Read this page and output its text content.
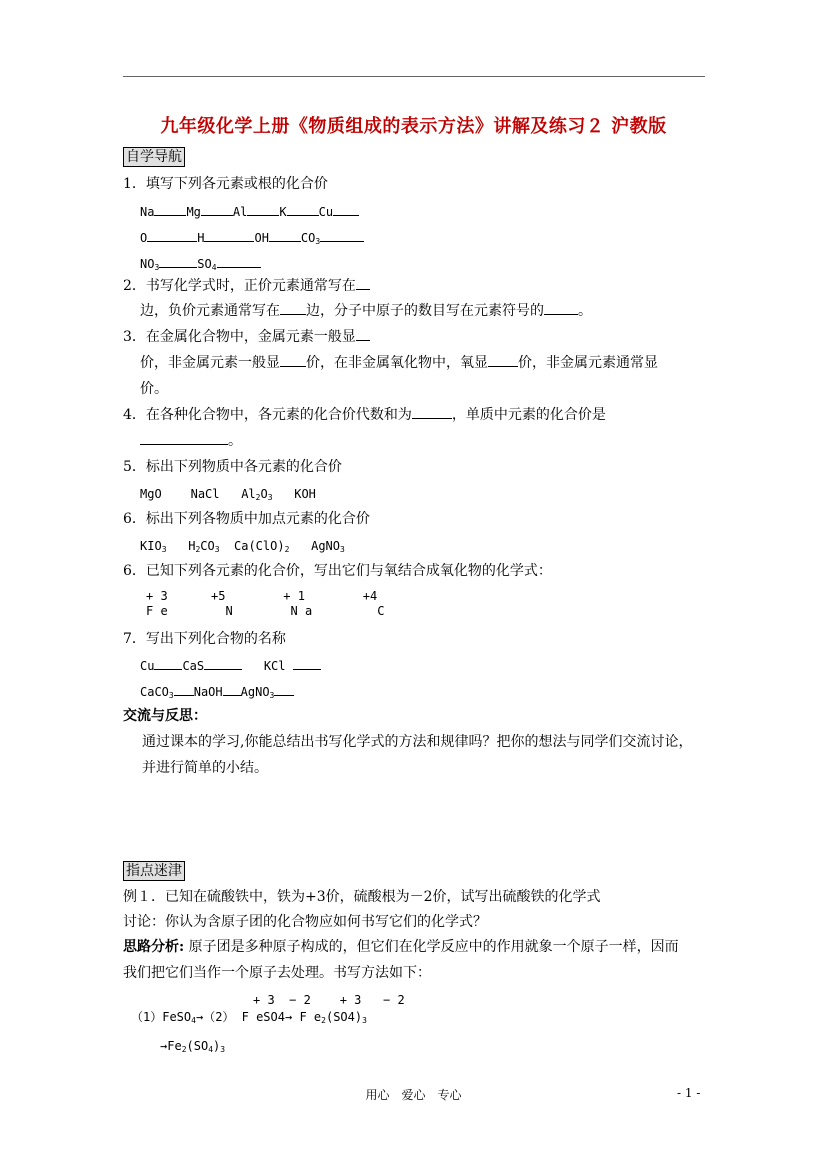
九年级化学上册《物质组成的表示方法》讲解及练习２ 沪教版
自学导航
1．填写下列各元素或根的化合价
Na	Mg	Al	K	Cu
O	H	OH	$CO_3$
$NO_3$	$SO_4$
2．书写化学式时，正价元素通常写在
边，负价元素通常写在 边，分子中原子的数目写在元素符号的 。
3．在金属化合物中，金属元素一般显
价，非金属元素一般显 价，在非金属氧化物中，氧显 价，非金属元素通常显
价。
4．在各种化合物中，各元素的化合价代数和为	，单质中元素的化合价是
。
5．标出下列物质中各元素的化合价
MgO NaCl $Al_2O_3$ KOH
6．标出下列各物质中加点元素的化合价
$KIO_3$ $H_2CO_3$ $Ca(ClO)_2$ AgNO$_3$
6．已知下列各元素的化合价，写出它们与氧结合成氧化物的化学式：
+ 3	+5	+ 1	+4
F e	N	N a	C
7．写出下列化合物的名称
Cu CaS	KCl
CaCO$_3$ NaOH AgNO$_3$
交流与反思：
通过课本的学习,你能总结出书写化学式的方法和规律吗？把你的想法与同学们交流讨论，
并进行简单的小结。
指点迷津
例１．已知在硫酸铁中，铁为+3价，硫酸根为－2价，试写出硫酸铁的化学式
讨论：你认为含原子团的化合物应如何书写它们的化学式？
思路分析: 原子团是多种原子构成的，但它们在化学反应中的作用就象一个原子一样，因而
我们把它们当作一个原子去处理。书写方法如下：
+ 3  − 2    + 3   − 2
（1）FeSO$_4$→（2） F eSO4→ F $e_2(SO4)_3$
$\to Fe_2(SO_4)_3$
用心　爱心　专心	- 1 -
